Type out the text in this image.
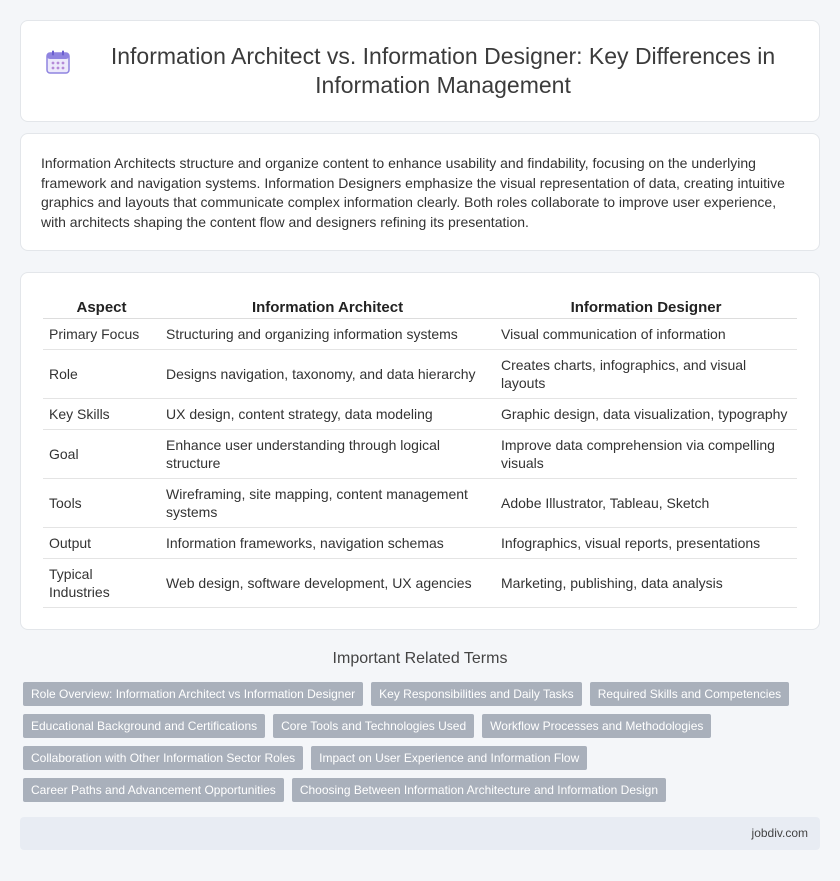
Information Architect vs. Information Designer: Key Differences in Information Management

Information Architects structure and organize content to enhance usability and findability, focusing on the underlying framework and navigation systems. Information Designers emphasize the visual representation of data, creating intuitive graphics and layouts that communicate complex information clearly. Both roles collaborate to improve user experience, with architects shaping the content flow and designers refining its presentation.

Aspect	Information Architect	Information Designer
Primary Focus	Structuring and organizing information systems	Visual communication of information
Role	Designs navigation, taxonomy, and data hierarchy	Creates charts, infographics, and visual layouts
Key Skills	UX design, content strategy, data modeling	Graphic design, data visualization, typography
Goal	Enhance user understanding through logical structure	Improve data comprehension via compelling visuals
Tools	Wireframing, site mapping, content management systems	Adobe Illustrator, Tableau, Sketch
Output	Information frameworks, navigation schemas	Infographics, visual reports, presentations
Typical Industries	Web design, software development, UX agencies	Marketing, publishing, data analysis
Important Related Terms
Role Overview: Information Architect vs Information Designer	Key Responsibilities and Daily Tasks	Required Skills and Competencies
Educational Background and Certifications	Core Tools and Technologies Used	Workflow Processes and Methodologies
Collaboration with Other Information Sector Roles	Impact on User Experience and Information Flow
Career Paths and Advancement Opportunities	Choosing Between Information Architecture and Information Design
jobdiv.com
